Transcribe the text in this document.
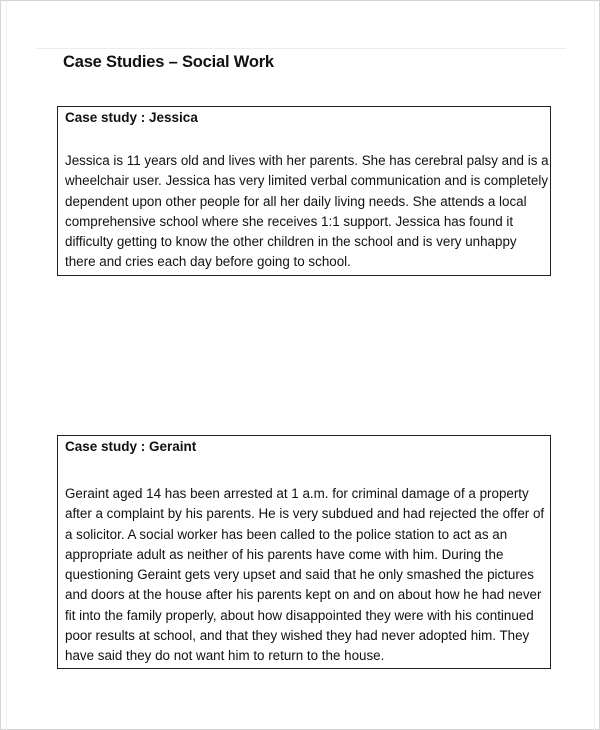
Case Studies – Social Work
Case study : Jessica
Jessica is 11 years old and lives with her parents. She has cerebral palsy and is a
wheelchair user. Jessica has very limited verbal communication and is completely
dependent upon other people for all her daily living needs. She attends a local
comprehensive school where she receives 1:1 support. Jessica has found it
difficulty getting to know the other children in the school and is very unhappy
there and cries each day before going to school.
Case study : Geraint
Geraint aged 14 has been arrested at 1 a.m. for criminal damage of a property
after a complaint by his parents. He is very subdued and had rejected the offer of
a solicitor. A social worker has been called to the police station to act as an
appropriate adult as neither of his parents have come with him. During the
questioning Geraint gets very upset and said that he only smashed the pictures
and doors at the house after his parents kept on and on about how he had never
fit into the family properly, about how disappointed they were with his continued
poor results at school, and that they wished they had never adopted him. They
have said they do not want him to return to the house.
